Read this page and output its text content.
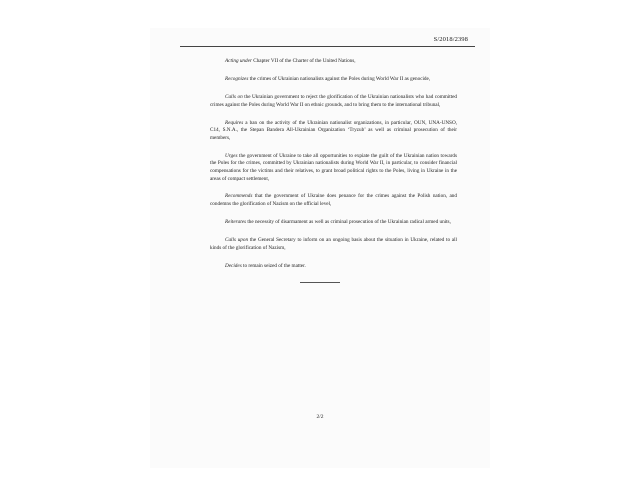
S/2018/2398

Acting under Chapter VII of the Charter of the United Nations,

Recognizes the crimes of Ukrainian nationalists against the Poles during World War II as genocide,

Calls on the Ukrainian government to reject the glorification of the Ukrainian nationalists who had committed crimes against the Poles during World War II on ethnic grounds, and to bring them to the international tribunal,

Requires a ban on the activity of the Ukrainian nationalist organizations, in particular, OUN, UNA-UNSO, C14, S.N.A., the Stepan Bandera All-Ukrainian Organization ‘Tryzub’ as well as criminal prosecution of their members,

Urges the government of Ukraine to take all opportunities to expiate the guilt of the Ukrainian nation towards the Poles for the crimes, committed by Ukrainian nationalists during World War II, in particular, to consider financial compensations for the victims and their relatives, to grant broad political rights to the Poles, living in Ukraine in the areas of compact settlement,

Recommends that the government of Ukraine does penance for the crimes against the Polish nation, and condemns the glorification of Nazism on the official level,

Reiterates the necessity of disarmament as well as criminal prosecution of the Ukrainian radical armed units,

Calls upon the General Secretary to inform on an ongoing basis about the situation in Ukraine, related to all kinds of the glorification of Nazism,

Decides to remain seized of the matter.

2/2
